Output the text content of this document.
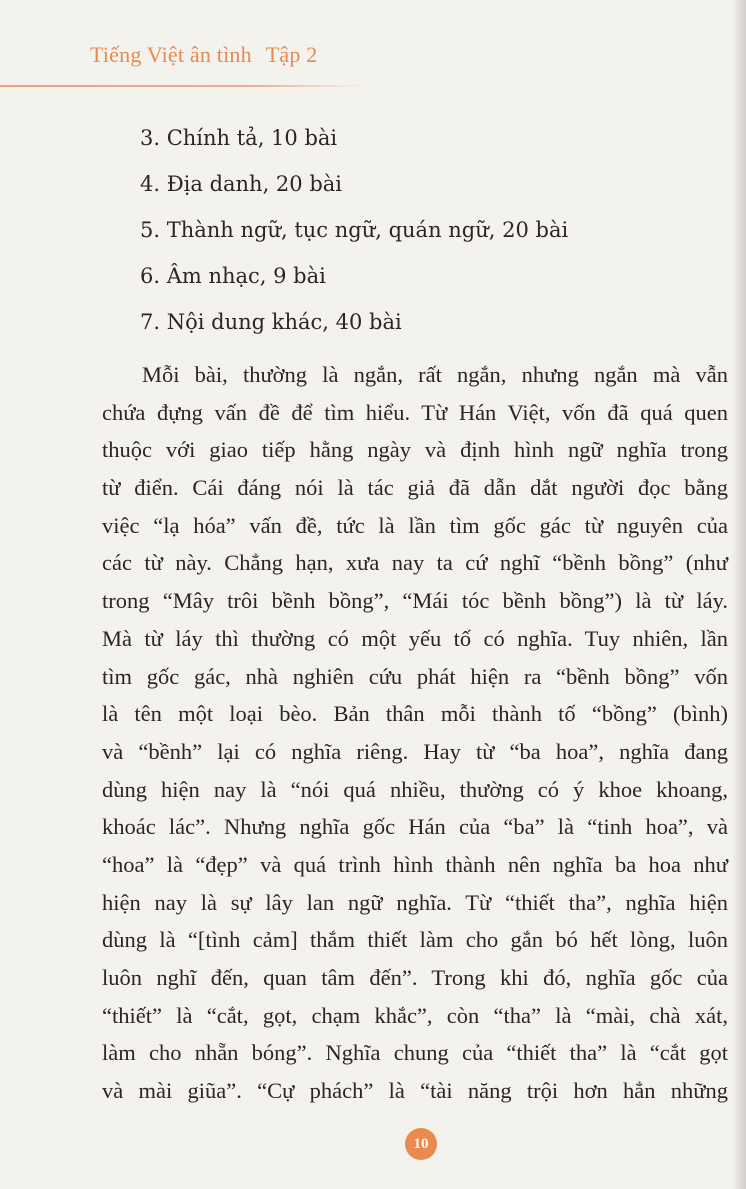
Tiếng Việt ân tình Tập 2
3. Chính tả, 10 bài
4. Địa danh, 20 bài
5. Thành ngữ, tục ngữ, quán ngữ, 20 bài
6. Âm nhạc, 9 bài
7. Nội dung khác, 40 bài
Mỗi bài, thường là ngắn, rất ngắn, nhưng ngắn mà vẫn
chứa đựng vấn đề để tìm hiểu. Từ Hán Việt, vốn đã quá quen
thuộc với giao tiếp hằng ngày và định hình ngữ nghĩa trong
từ điển. Cái đáng nói là tác giả đã dẫn dắt người đọc bằng
việc “lạ hóa” vấn đề, tức là lần tìm gốc gác từ nguyên của
các từ này. Chẳng hạn, xưa nay ta cứ nghĩ “bềnh bồng” (như
trong “Mây trôi bềnh bồng”, “Mái tóc bềnh bồng”) là từ láy.
Mà từ láy thì thường có một yếu tố có nghĩa. Tuy nhiên, lần
tìm gốc gác, nhà nghiên cứu phát hiện ra “bềnh bồng” vốn
là tên một loại bèo. Bản thân mỗi thành tố “bồng” (bình)
và “bềnh” lại có nghĩa riêng. Hay từ “ba hoa”, nghĩa đang
dùng hiện nay là “nói quá nhiều, thường có ý khoe khoang,
khoác lác”. Nhưng nghĩa gốc Hán của “ba” là “tinh hoa”, và
“hoa” là “đẹp” và quá trình hình thành nên nghĩa ba hoa như
hiện nay là sự lây lan ngữ nghĩa. Từ “thiết tha”, nghĩa hiện
dùng là “[tình cảm] thắm thiết làm cho gắn bó hết lòng, luôn
luôn nghĩ đến, quan tâm đến”. Trong khi đó, nghĩa gốc của
“thiết” là “cắt, gọt, chạm khắc”, còn “tha” là “mài, chà xát,
làm cho nhẵn bóng”. Nghĩa chung của “thiết tha” là “cắt gọt
và mài giũa”. “Cự phách” là “tài năng trội hơn hẳn những
10
